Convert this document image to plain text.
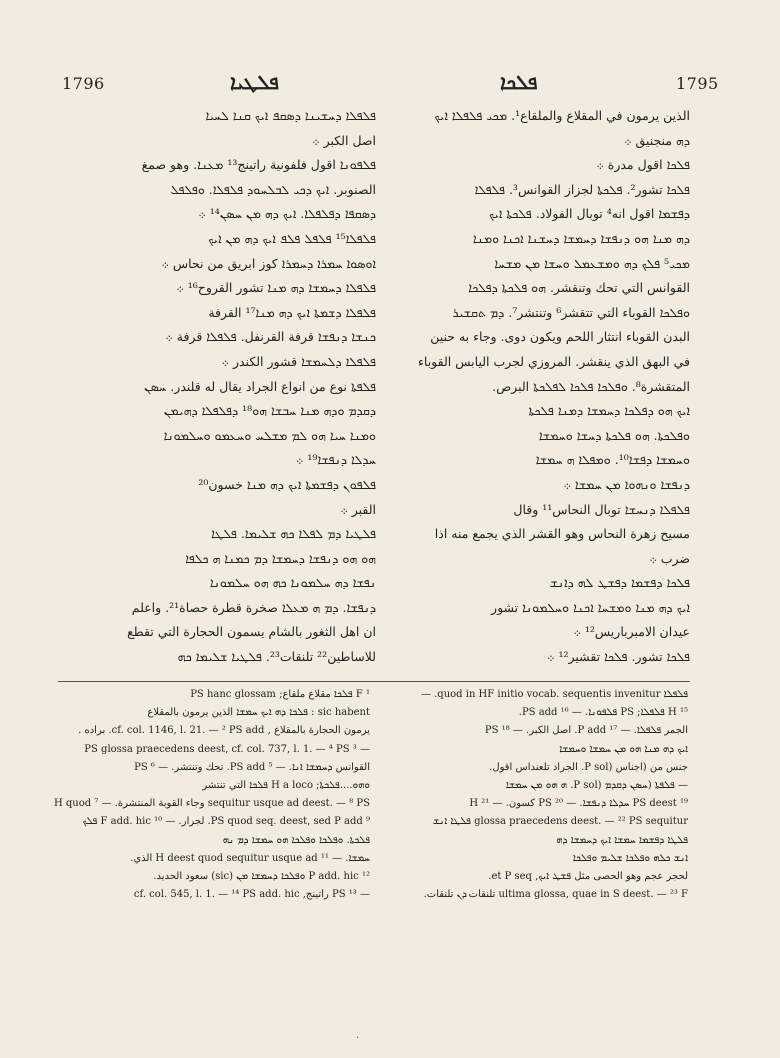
1796	ܦܠܛܝܐ	ܦܠܟܐ	1795
ܦܠܦܠܐ ܕܚܫܝܢܐ ܕܣܩܦ ܐܝܟ ܩܢܐ ܠܚܝܐ
اصل الكبر ܀
ܦܠܦܘܢܐ اقول فلفونية راتينج¹³ ܡܥܢܐ. وهو صمغ
الصنوبر. ܐܝܟ ܕܟܝ ܠܒܠܚܘܕ ܦܠܦܠܐ. ܘܦܠܦܠ
ܕܣܩܦܐ ܕܦܠܦܠܐ. ܐܝܟ ܕܗ ܡܢ ܚܣܢ¹⁴ ܀
ܦܠܦܠܐ¹⁵ ܦܠܦܠ ܦܠܦ ܐܝܟ ܕܗ ܡܢ ܐܝܟ
ܐܘܣܘܐ ܚܡܪܐ ܕܚܡܪܐ كوز ابريق من نحاس ܀
ܦܠܦܠܐ ܕܚܡܫܐ ܕܗ ܡܢܐ تشور القروح¹⁶ ܀
ܦܠܦܠܐ ܕܫܡܬܐ ܐܝܟ ܕܗ ܡܢܐ¹⁷ القرفة
ܟܢܫܐ ܕܢܦܫܐ قرفة القرنفل. ܦܠܦܠܐ قرفة ܀
ܦܠܦܠܐ ܕܠܚܡܫܐ قشور الكندر ܀
ܦܠܦܬܐ نوع من انواع الجراد يقال له قلندر. ܚܣܢ
ܕܩܕܡ ܘܕܗ ܡܢܐ ܚܒܫܐ ܗܘ¹⁸ ܕܦܠܦܠܐ ܕܗܝܡܢ
ܘܡܢܐ ܚܝܐ ܗܘ ܠܡ ܡܫܠܚ ܘܚܥܡܘ ܘܚܠܡܘܢܐ
ܚܕܠܐ ܕܢܦܫܐ¹⁹ ܀
ܦܠܦܘܢ ܕܦܫܡܬܐ ܐܝܟ ܕܗ ܡܢܐ خسون²⁰
القبر ܀
ܦܠܛܝܐ ܕܡ ܠܦܠܐ ܟܗ ܫܠܝܡܐ. ܦܠܛܐ
ܗܘ ܗܘ ܕܢܦܫܐ ܕܚܡܫܐ ܕܡ ܟܡܢܐ ܗ ܟܠܦܐ
ܢܦܫܐ ܕܗ ܚܠܡܘܢܐ ܟܗ ܗܘ ܚܠܡܘܢܐ
ܕܢܦܫܐ. ܕܡ ܗ ܡܥܠܐ صخرة قطرة حصاة²¹. واعلم
ان اهل الثغور بالشام يسمون الحجارة التي تقطع
للاساطين²² تلنقات²³. ܦܠܛܝܐ ܫܠܝܡܐ ܟܗ
الذين يرمون في المقلاع والملقاع¹. ܡܟܝ ܦܠܦܠܐ ܐܝܟ
ܕܗ منجنيق ܀
ܦܠܟܐ اقول مدرة ܀
ܦܠܟܐ تشور². ܦܠܟܬܐ لجزاز القوانس³. ܦܠܦܠܐ
ܕܦܫܡܐ اقول انه⁴ توبال الفولاد. ܦܠܟܬܐ ܐܝܟ
ܕܗ ܡܢܐ ܗܘ ܕܢܦܫܐ ܕܚܡܫܐ ܕܚܫܢܐ ܐܟܢܐ ܘܡܢܐ
ܡܟܝ⁵ ܦܠܟ ܕܗ ܘܡܫܥܡܠ ܘܚܫܐ ܡܢ ܡܫܚܐ
القوانس التي تحك وتنقشر. ܗܘ ܦܠܟܬܐ ܕܦܠܟܐ
ܘܦܠܟܐ القوباء التي تتقشر⁶ وتنتشر⁷. ܕܡ ܬܩܫܝܪ
البدن القوباء انتثار اللحم ويكون دوى. وجاء به حنين
في البهق الذي ينقشر. المروزي لجرب اليابس القوباء
المتقشرة⁸. ܘܦܠܟܐ ܦܠܟܐ ܠܦܠܟܬܐ البرص.
ܐܝܟ ܗܘ ܕܦܠܟܐ ܕܚܡܫܐ ܕܡܢܐ ܦܠܟܬܐ
ܘܦܠܟܬܐ. ܗܘ ܦܠܟܬܐ ܕܚܫܐ ܘܚܡܫܐ
ܘܚܡܫܐ ܕܦܫܐ¹⁰. ܘܡܦܠܐ ܗ ܚܡܫܐ
ܕܢܦܫܐ ܘܢܗܘܐ ܡܢ ܚܡܫܐ ܀
ܦܠܦܠܐ ܕܢܚܫܐ توبال النحاس¹¹ وقال
مسيح زهرة النحاس وهو القشر الذي يجمع منه اذا
ضرب ܀
ܦܠܟܐ ܕܦܫܡܐ ܕܦܫܛ ܠܗ ܕܐܢܫ
ܐܝܟ ܕܗ ܡܢܐ ܘܡܫܚܐ ܐܟܢܐ ܘܚܠܡܘܢܐ تشور
عيدان الامبرباريس¹² ܀
ܦܠܟܐ تشور. ܦܠܟܐ تقشير¹² ܀
¹ F ܦܠܟܐ مقلاع ملقاع; PS hanc glossam
sic habent : ܦܠܟܐ ܕܗ ܐܝܟ ܚܡܫܐ الذين يرمون بالمقلاع
يرمون الحجارة بالمقلاع , cf. col. 1146, l. 21. — ² PS add. براده .
— ³ PS glossa praecedens deest, cf. col. 737, l. 1. — ⁴ PS
القوانس ܕܚܡܫܐ ܐܢܐ. — ⁵ PS add. تحك وتنتشر. — ⁶ PS
ܘܗܘ....ܦܠܟܬܐ; H a loco ܦܠܟܐ التي تنتشر
sequitur usque ad deest. — ⁸ PS وجاء القوبة المنتشرة. — ⁷ H quod
⁹ PS quod seq. deest, sed P add. لجرار. — ¹⁰ F add. hic ܦܠܟ
ܦܠܟܬܐ. ܘܦܠܟܐ ܘܦܠܟܐ ܗܘ ܚܡܫܐ ܕܡ ܢܗ
ܚܡܫܐ. — ¹¹ H deest quod sequitur usque ad الذي.
¹² P add. hic ܘܦܠܟܐ ܕܚܡܫܐ ܡܢ (sic) سعود الحديد.
— ¹³ PS راتينج, cf. col. 545, l. 1. — ¹⁴ PS add. hic
ܦܠܦܠܐ quod in HF initio vocab. sequentis invenitur. —
¹⁵ H ܦܠܦܠܐ; PS ܦܠܦܘܢܐ. — ¹⁶ PS add.
الجمر ܦܠܦܠܐ. — ¹⁷ P add. اصل الكبر. — ¹⁸ PS
ܐܝܟ ܕܗ ܡܢܐ ܗܘ ܡܢ ܚܡܫܐ ܘܚܡܫܐ
جنس من (اجناس (P sol. الجراد تلعنداس اقول.
— ܦܠܦܬܐ (ܚܣܢ ܕܩܕܡ (P sol. ܗ ܗܘ ܡܢ ܚܡܫܐ
¹⁹ PS deest ܚܕܠܐ ܕܢܦܫܐ. — ²⁰ PS كسون. — ²¹ H
glossa praecedens deest. — ²² PS sequitur ܦܠܛܐ ܐܢܫ
ܦܠܛܐ ܕܦܫܡܐ ܚܡܫܐ ܐܝܟ ܕܚܡܫܐ ܕܗ
ܐܢܫ ܟܠܗ ܘܦܠܟܐ ܫܠܝܡ ܘܦܠܟܐ
لحجر عجم وهو الحصى مثل ܦܫܛ ܐܝܟ, et P seq.
ultima glossa, quae in S deest. — ²³ F تلنقات ܕܢ تلنقات.
.
